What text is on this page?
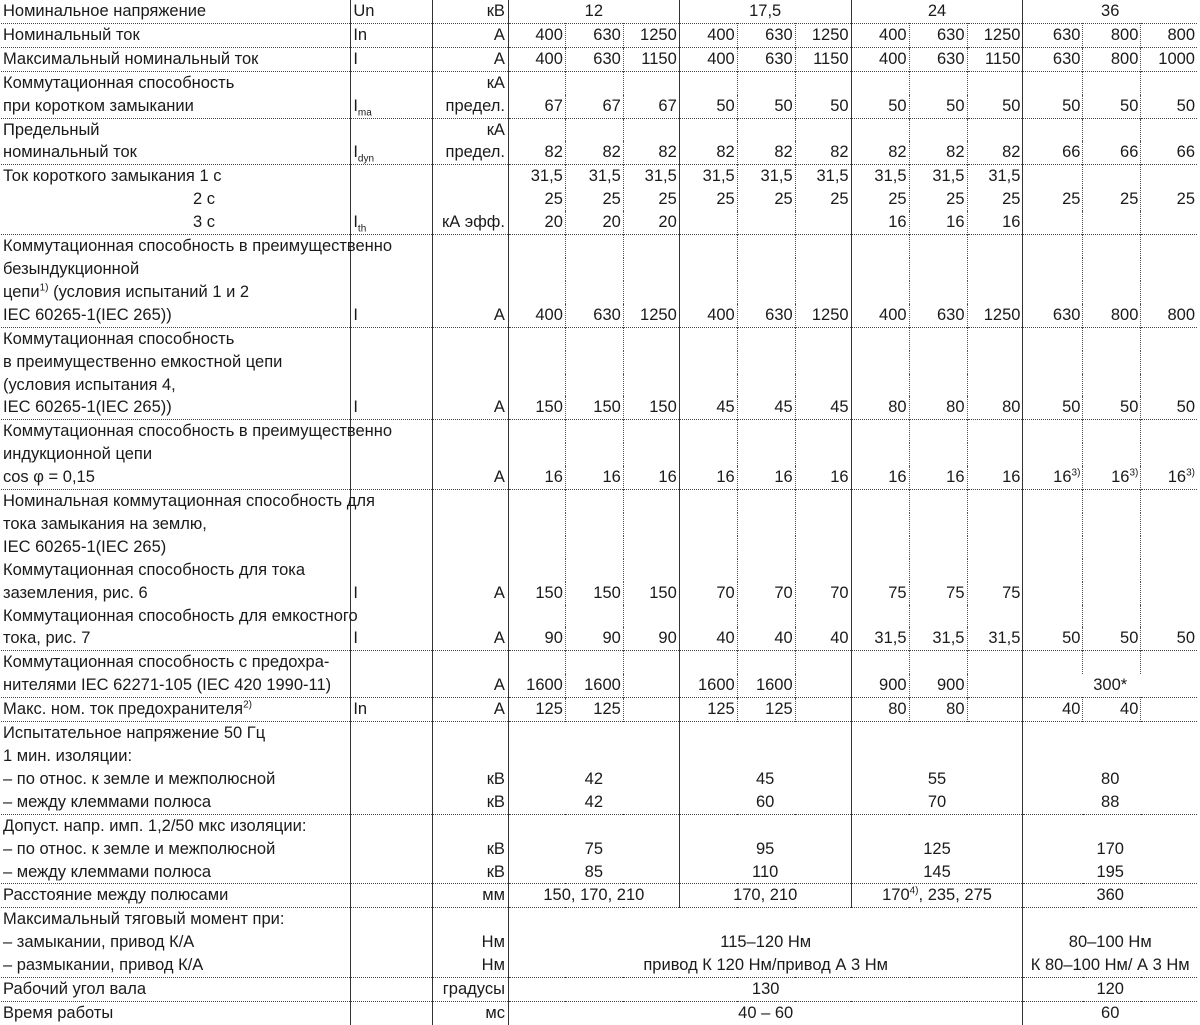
Номинальное напряжение	Un	кВ	12			17,5			24			36		
Номинальный ток	In	А	400	630	1250	400	630	1250	400	630	1250	630	800	800
Максимальный номинальный ток	I	А	400	630	1150	400	630	1150	400	630	1150	630	800	1000
Коммутационная способность		кА												
при коротком замыкании	$I_{ma}$	предел.	67	67	67	50	50	50	50	50	50	50	50	50
Предельный		кА												
номинальный ток	$I_{dyn}$	предел.	82	82	82	82	82	82	82	82	82	66	66	66
Ток короткого замыкания 1 с			31,5	31,5	31,5	31,5	31,5	31,5	31,5	31,5	31,5			
2 с			25	25	25	25	25	25	25	25	25	25	25	25
3 с	$I_{th}$	кА эфф.	20	20	20				16	16	16			
Коммутационная способность в преимущественно														
безындукционной														
цепи$^{1)}$ (условия испытаний 1 и 2														
IEC 60265-1(IEC 265))	I	А	400	630	1250	400	630	1250	400	630	1250	630	800	800
Коммутационная способность														
в преимущественно емкостной цепи														
(условия испытания 4,														
IEC 60265-1(IEC 265))	I	А	150	150	150	45	45	45	80	80	80	50	50	50
Коммутационная способность в преимущественно														
индукционной цепи														
cos φ = 0,15		А	16	16	16	16	16	16	16	16	16	16$^{3)}$	16$^{3)}$	16$^{3)}$
Номинальная коммутационная способность для														
тока замыкания на землю,														
IEC 60265-1(IEC 265)														
Коммутационная способность для тока														
заземления, рис. 6	I	А	150	150	150	70	70	70	75	75	75			
Коммутационная способность для емкостного														
тока, рис. 7	I	А	90	90	90	40	40	40	31,5	31,5	31,5	50	50	50
Коммутационная способность с предохра-														
нителями IEC 62271-105 (IEC 420 1990-11)		А	1600	1600		1600	1600		900	900		300*		
Макс. ном. ток предохранителя$^{2)}$	In	А	125	125		125	125		80	80		40	40	
Испытательное напряжение 50 Гц														
1 мин. изоляции:														
– по относ. к земле и межполюсной		кВ	42			45			55			80		
– между клеммами полюса		кВ	42			60			70			88		
Допуст. напр. имп. 1,2/50 мкс изоляции:														
– по относ. к земле и межполюсной		кВ	75			95			125			170		
– между клеммами полюса		кВ	85			110			145			195		
Расстояние между полюсами		мм	150, 170, 210			170, 210			170$^{4)}$, 235, 275			360		
Максимальный тяговый момент при:														
– замыкании, привод К/А		Нм	115–120 Нм									80–100 Нм		
– размыкании, привод К/А		Нм	привод К 120 Нм/привод А 3 Нм									К 80–100 Нм/ А 3 Нм		
Рабочий угол вала		градусы	130									120		
Время работы		мс	40 – 60									60		
